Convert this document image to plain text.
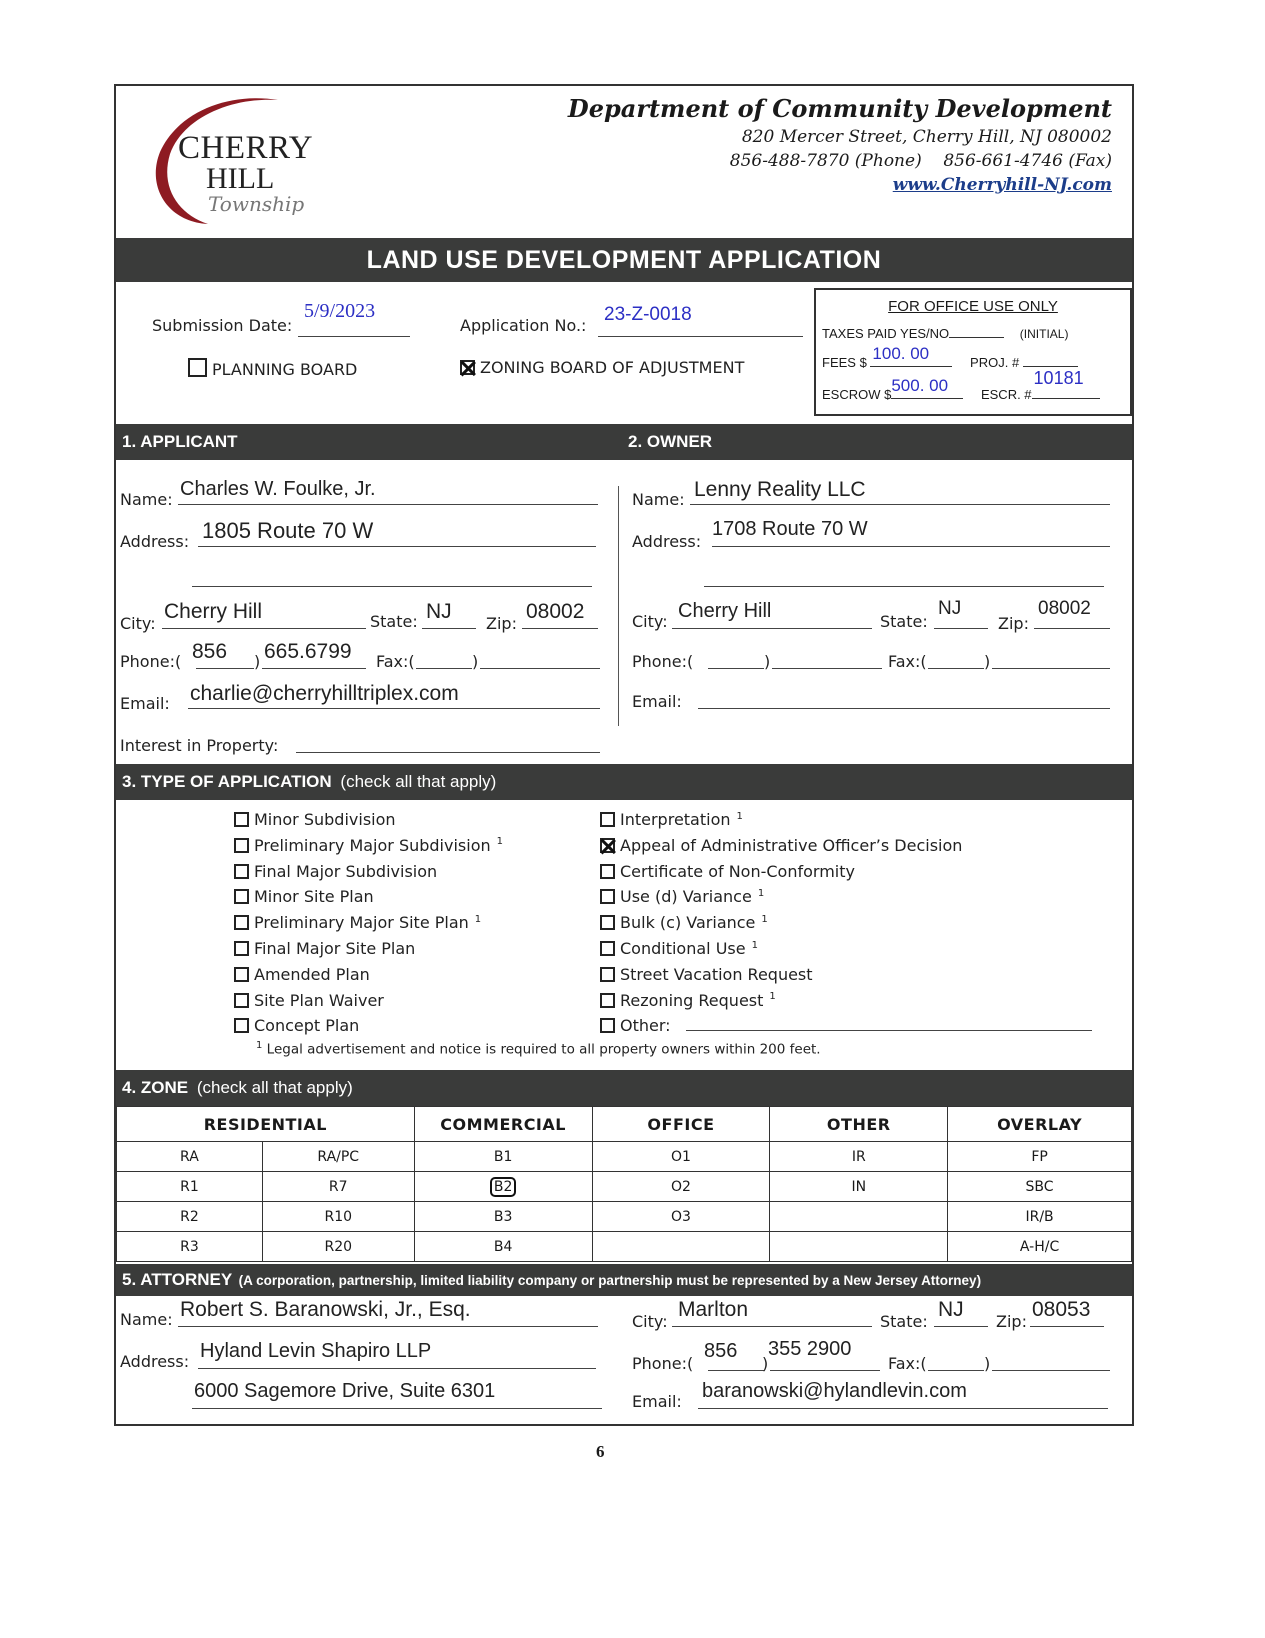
CHERRY
HILL
Township
Department of Community Development
820 Mercer Street, Cherry Hill, NJ 080002
856-488-7870 (Phone)    856-661-4746 (Fax)
www.Cherryhill-NJ.com
LAND USE DEVELOPMENT APPLICATION
Submission Date:
5/9/2023
Application No.:
23-Z-0018
PLANNING BOARD	ZONING BOARD OF ADJUSTMENT
FOR OFFICE USE ONLY
TAXES PAID YES/NO	(INITIAL)
FEES $ 100. 00	PROJ. #
ESCROW $ 500. 00	ESCR. #
10181
1. APPLICANT	2. OWNER
Name: Charles W. Foulke, Jr.
Address: 1805 Route 70 W
City:
Cherry Hill	State: NJ
Zip:
08002
Phone:( 856 ) 665.6799 Fax:(	)
Email: charlie@cherryhilltriplex.com
Interest in Property:
Name: Lenny Reality LLC
Address:
1708 Route 70 W
City: Cherry Hill	State:
NJ
Zip:
08002
Phone:(	)	Fax:(	)
Email:
3. TYPE OF APPLICATION (check all that apply)
Minor Subdivision
Preliminary Major Subdivision $^1$
Final Major Subdivision
Minor Site Plan
Preliminary Major Site Plan $^1$
Final Major Site Plan
Amended Plan
Site Plan Waiver
Concept Plan
Interpretation $^1$
Appeal of Administrative Officer’s Decision
Certificate of Non-Conformity
Use (d) Variance $^1$
Bulk (c) Variance $^1$
Conditional Use $^1$
Street Vacation Request
Rezoning Request $^1$
Other:
$^1$ Legal advertisement and notice is required to all property owners within 200 feet.
4. ZONE (check all that apply)
RESIDENTIAL		COMMERCIAL	OFFICE	OTHER	OVERLAY
RA	RA/PC	B1	O1	IR	FP
R1	R7	B2	O2	IN	SBC
R2	R10	B3	O3		IR/B
R3	R20	B4			A-H/C
5. ATTORNEY (A corporation, partnership, limited liability company or partnership must be represented by a New Jersey Attorney)
Name: Robert S. Baranowski, Jr., Esq.
Address: Hyland Levin Shapiro LLP
6000 Sagemore Drive, Suite 6301
City:
Marlton
State:
NJ
Zip:
08053
Phone:(
856
)
355 2900
Fax:(	)
Email: baranowski@hylandlevin.com
6
